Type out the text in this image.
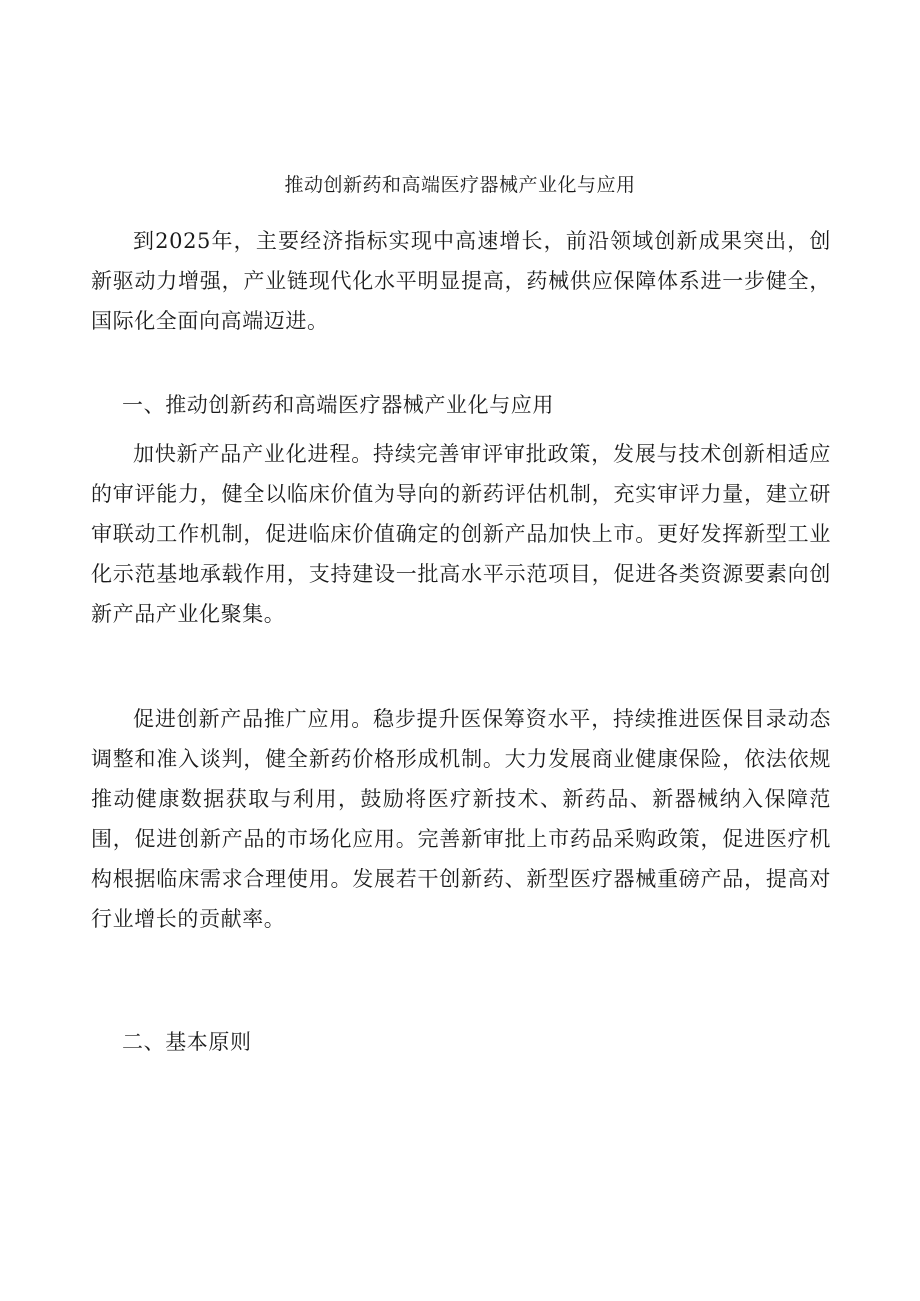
推动创新药和高端医疗器械产业化与应用

到2025年，主要经济指标实现中高速增长，前沿领域创新成果突出，创新驱动力增强，产业链现代化水平明显提高，药械供应保障体系进一步健全，国际化全面向高端迈进。

一、推动创新药和高端医疗器械产业化与应用

加快新产品产业化进程。持续完善审评审批政策，发展与技术创新相适应的审评能力，健全以临床价值为导向的新药评估机制，充实审评力量，建立研审联动工作机制，促进临床价值确定的创新产品加快上市。更好发挥新型工业化示范基地承载作用，支持建设一批高水平示范项目，促进各类资源要素向创新产品产业化聚集。

促进创新产品推广应用。稳步提升医保筹资水平，持续推进医保目录动态调整和准入谈判，健全新药价格形成机制。大力发展商业健康保险，依法依规推动健康数据获取与利用，鼓励将医疗新技术、新药品、新器械纳入保障范围，促进创新产品的市场化应用。完善新审批上市药品采购政策，促进医疗机构根据临床需求合理使用。发展若干创新药、新型医疗器械重磅产品，提高对行业增长的贡献率。

二、基本原则
